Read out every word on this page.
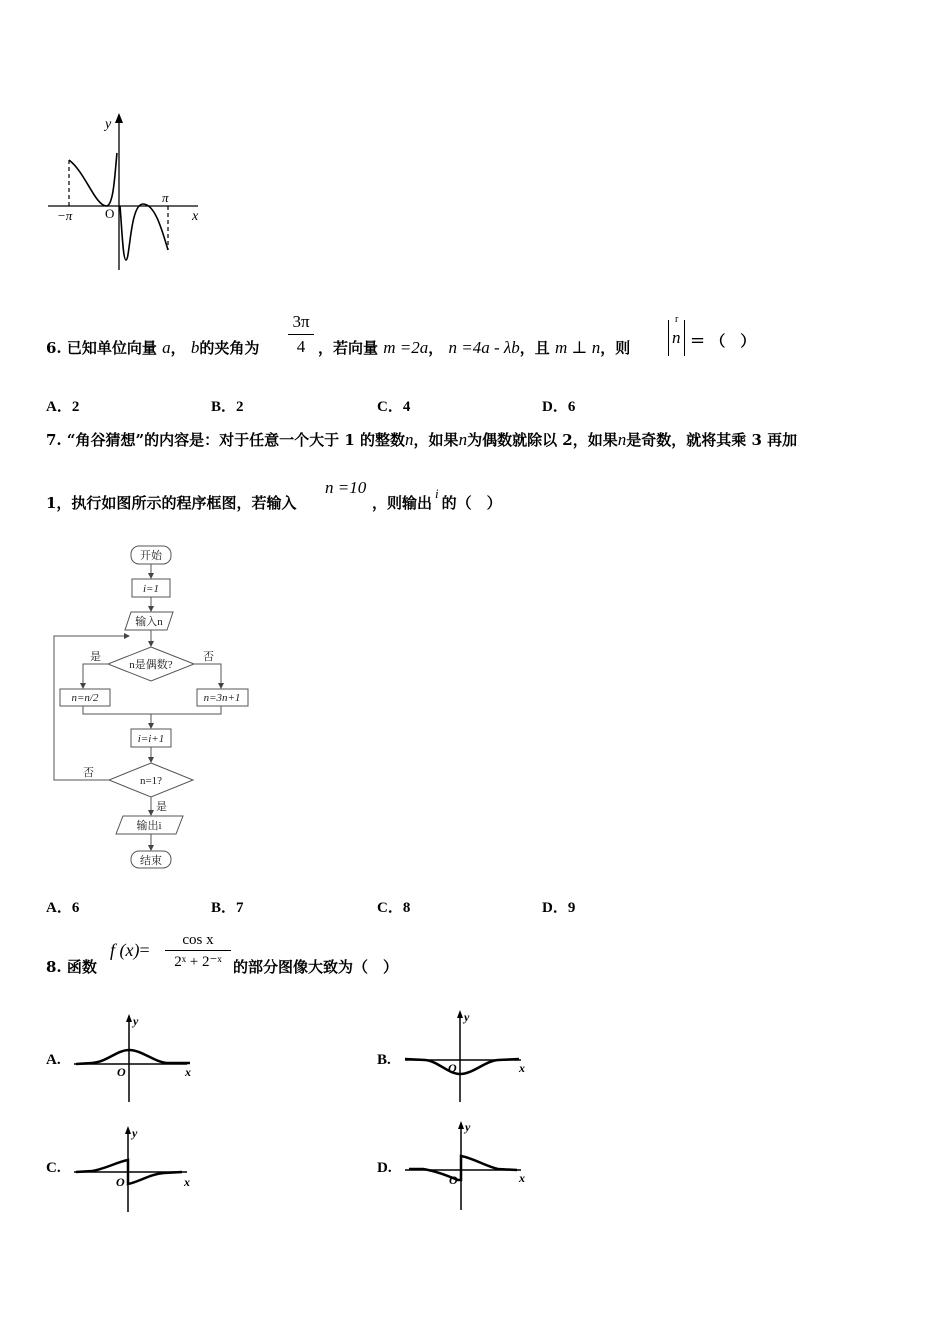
y
x
−π
π
O
6. 已知单位向量 a， b的夹角为
3π
4 ，若向量 m =2a， n =4a - λb，且 m ⊥ n，则
r
n = （　）
A．2	B．2	C．4	D．6
7. “角谷猜想”的内容是：对于任意一个大于 1 的整数n，如果n为偶数就除以 2，如果n是奇数，就将其乘 3 再加
1，执行如图所示的程序框图，若输入
n =10
，则输出i的（　）
开始
i=1
输入n
n是偶数?
是	否
n=n/2	n=3n+1
i=i+1
n=1?
否
是
输出i
结束
A．6	B．7	C．8	D．9
8. 函数
f (x)=	cos x
2ˣ + 2⁻ˣ 的部分图像大致为（　）
A.
y
x
O
B.
y
x
O
C.
y
x
O
D.
y
x
O
